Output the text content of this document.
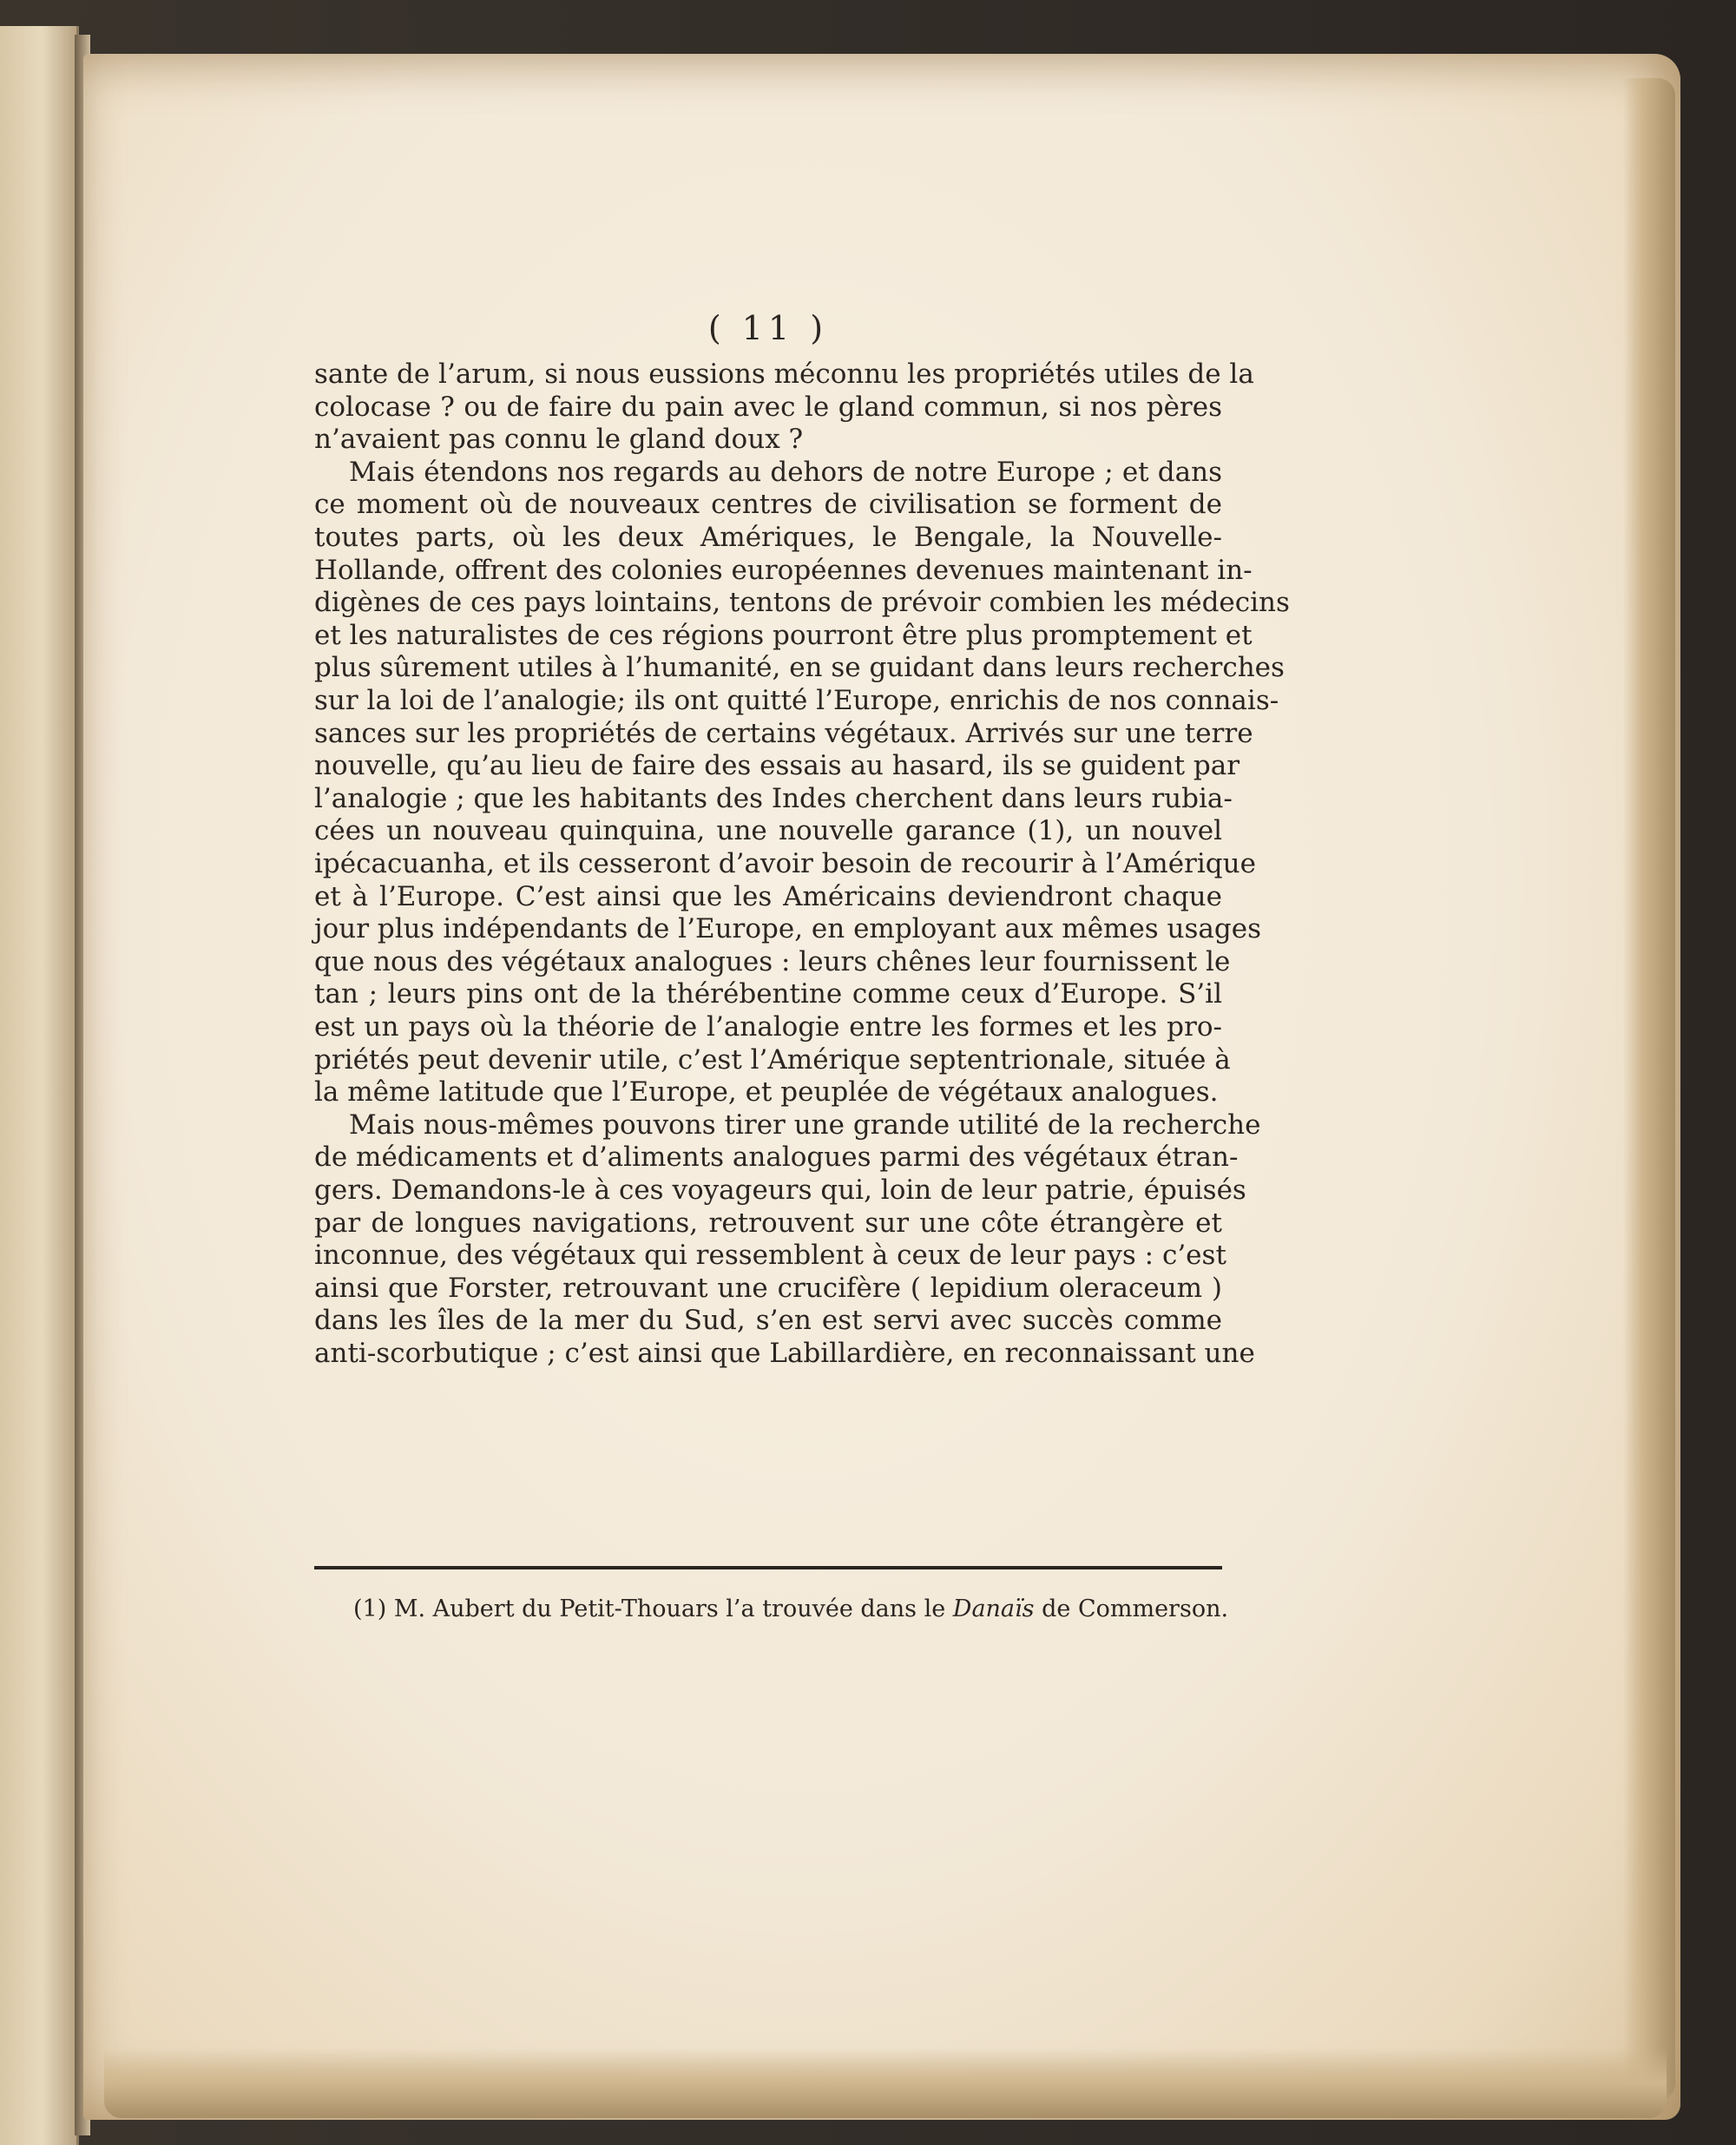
( 11 )
sante de l’arum, si nous eussions méconnu les propriétés utiles de la
colocase ? ou de faire du pain avec le gland commun, si nos pères
n’avaient pas connu le gland doux ?
Mais étendons nos regards au dehors de notre Europe ; et dans
ce moment où de nouveaux centres de civilisation se forment de
toutes parts, où les deux Amériques, le Bengale, la Nouvelle-
Hollande, offrent des colonies européennes devenues maintenant in-
digènes de ces pays lointains, tentons de prévoir combien les médecins
et les naturalistes de ces régions pourront être plus promptement et
plus sûrement utiles à l’humanité, en se guidant dans leurs recherches
sur la loi de l’analogie; ils ont quitté l’Europe, enrichis de nos connais-
sances sur les propriétés de certains végétaux. Arrivés sur une terre
nouvelle, qu’au lieu de faire des essais au hasard, ils se guident par
l’analogie ; que les habitants des Indes cherchent dans leurs rubia-
cées un nouveau quinquina, une nouvelle garance (1), un nouvel
ipécacuanha, et ils cesseront d’avoir besoin de recourir à l’Amérique
et à l’Europe. C’est ainsi que les Américains deviendront chaque
jour plus indépendants de l’Europe, en employant aux mêmes usages
que nous des végétaux analogues : leurs chênes leur fournissent le
tan ; leurs pins ont de la thérébentine comme ceux d’Europe. S’il
est un pays où la théorie de l’analogie entre les formes et les pro-
priétés peut devenir utile, c’est l’Amérique septentrionale, située à
la même latitude que l’Europe, et peuplée de végétaux analogues.
Mais nous-mêmes pouvons tirer une grande utilité de la recherche
de médicaments et d’aliments analogues parmi des végétaux étran-
gers. Demandons-le à ces voyageurs qui, loin de leur patrie, épuisés
par de longues navigations, retrouvent sur une côte étrangère et
inconnue, des végétaux qui ressemblent à ceux de leur pays : c’est
ainsi que Forster, retrouvant une crucifère ( lepidium oleraceum )
dans les îles de la mer du Sud, s’en est servi avec succès comme
anti-scorbutique ; c’est ainsi que Labillardière, en reconnaissant une
(1) M. Aubert du Petit-Thouars l’a trouvée dans le Danaïs de Commerson.
